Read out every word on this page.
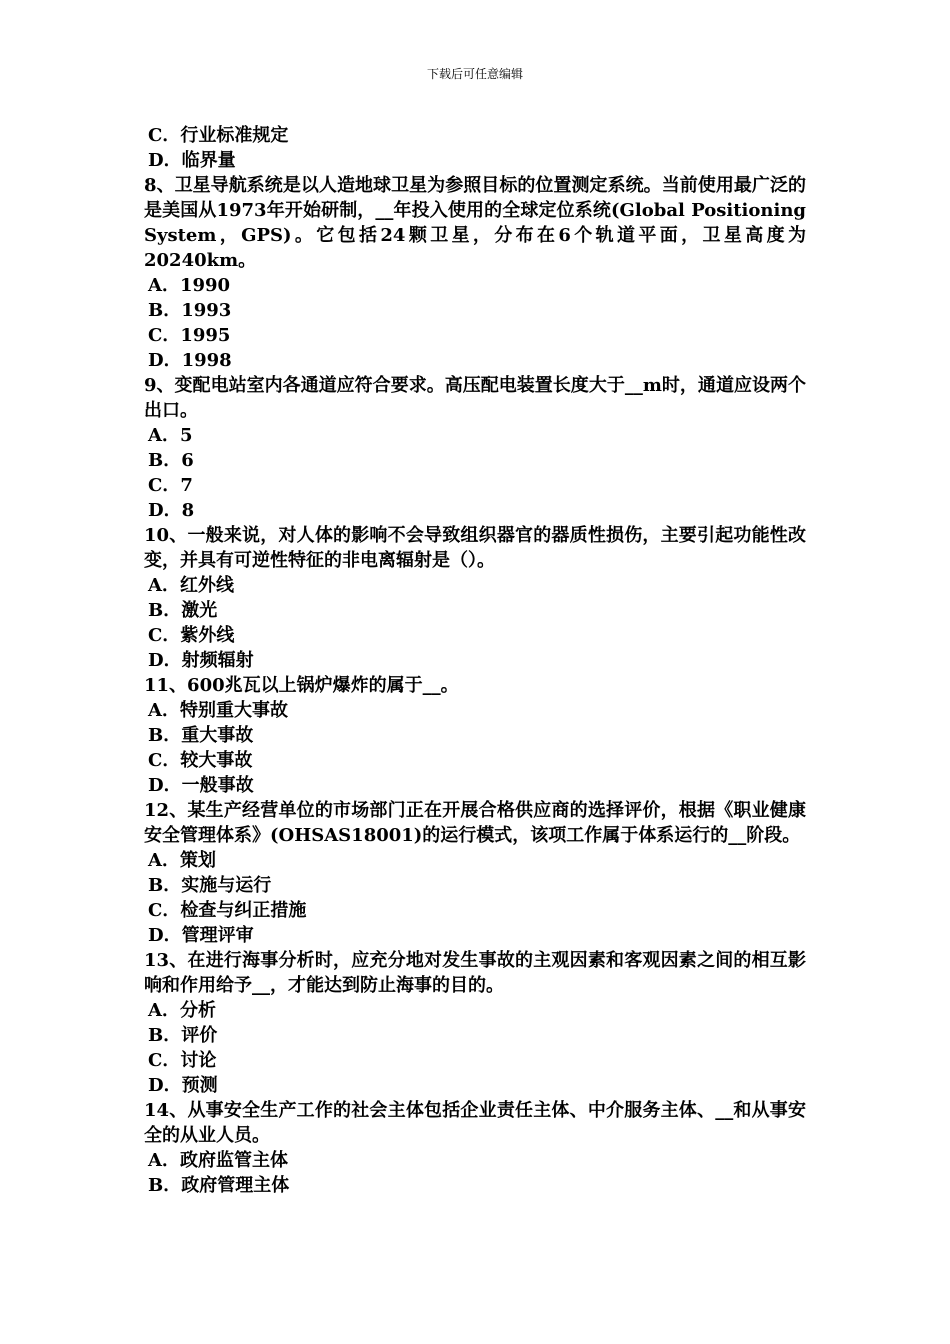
下载后可任意编辑
C．行业标准规定
D．临界量
8、卫星导航系统是以人造地球卫星为参照目标的位置测定系统。当前使用最广泛的是美国从1973年开始研制，__年投入使用的全球定位系统(Global Positioning System，GPS)。它包括24颗卫星，分布在6个轨道平面，卫星高度为20240km。
A．1990
B．1993
C．1995
D．1998
9、变配电站室内各通道应符合要求。高压配电装置长度大于__m时，通道应设两个出口。
A．5
B．6
C．7
D．8
10、一般来说，对人体的影响不会导致组织器官的器质性损伤，主要引起功能性改变，并具有可逆性特征的非电离辐射是（）。
A．红外线
B．激光
C．紫外线
D．射频辐射
11、600兆瓦以上锅炉爆炸的属于__。
A．特别重大事故
B．重大事故
C．较大事故
D．一般事故
12、某生产经营单位的市场部门正在开展合格供应商的选择评价，根据《职业健康安全管理体系》(OHSAS18001)的运行模式，该项工作属于体系运行的__阶段。
A．策划
B．实施与运行
C．检查与纠正措施
D．管理评审
13、在进行海事分析时，应充分地对发生事故的主观因素和客观因素之间的相互影响和作用给予__，才能达到防止海事的目的。
A．分析
B．评价
C．讨论
D．预测
14、从事安全生产工作的社会主体包括企业责任主体、中介服务主体、__和从事安全的从业人员。
A．政府监管主体
B．政府管理主体
